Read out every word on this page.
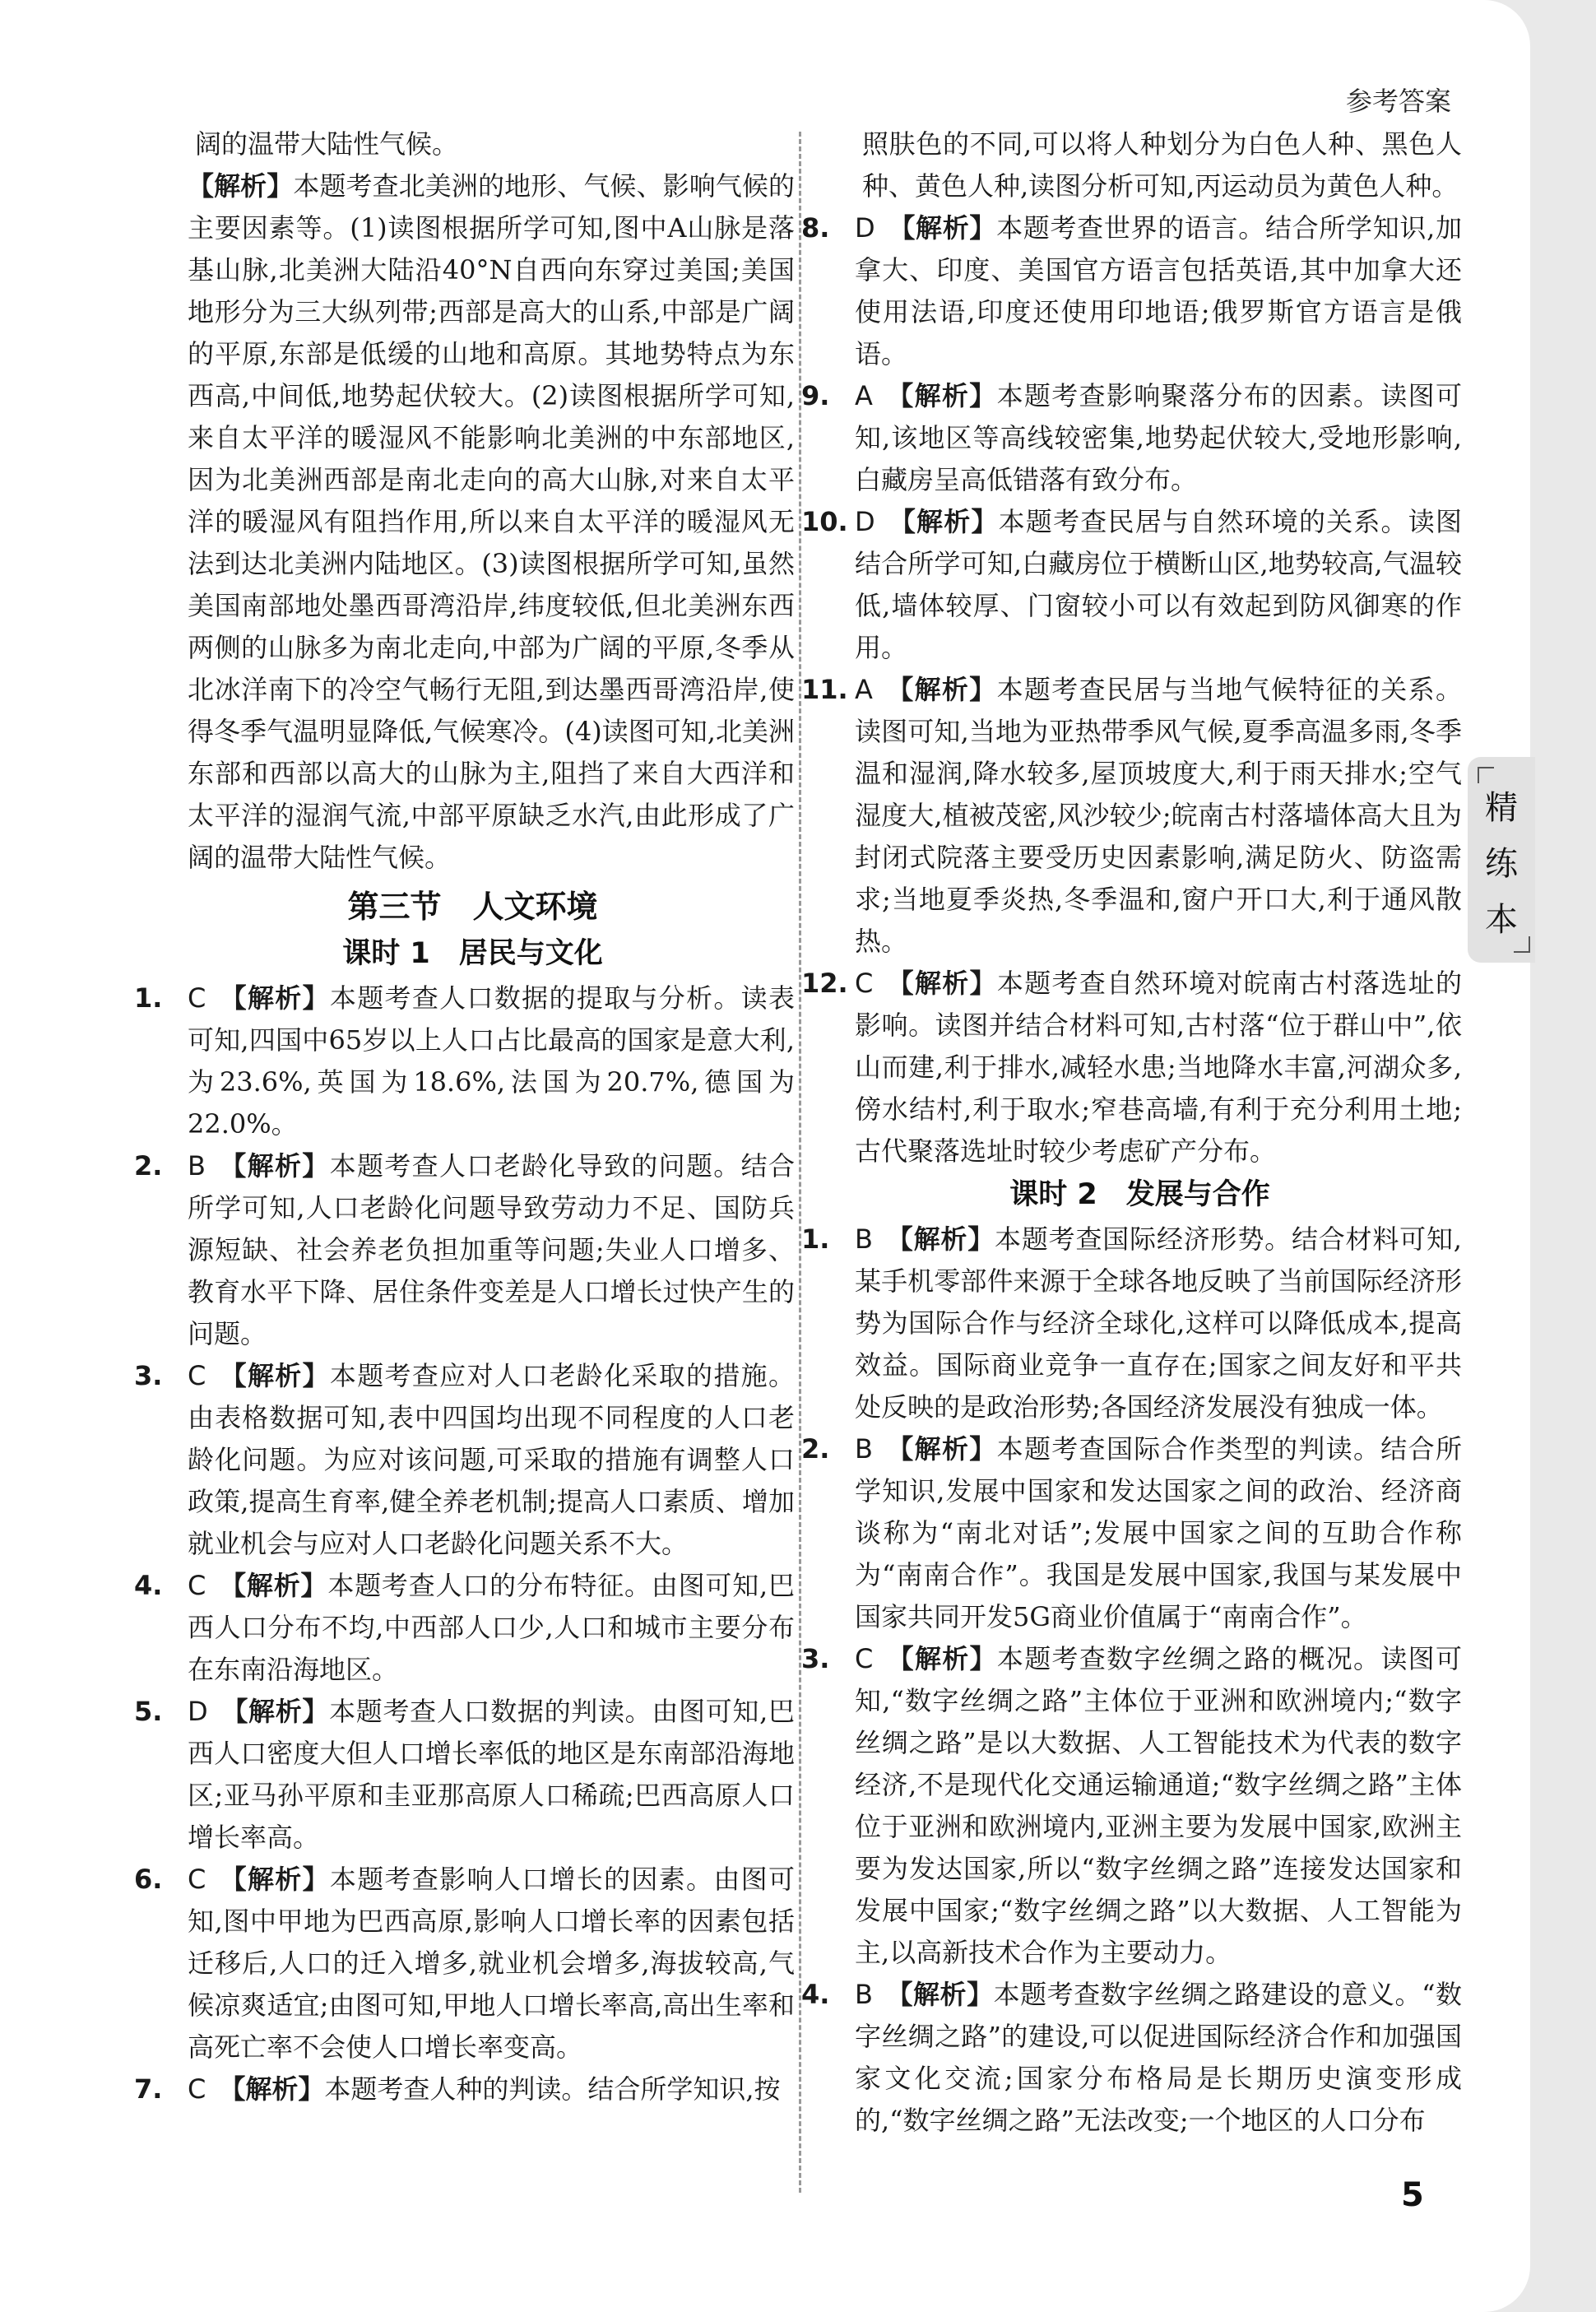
参考答案
阔的温带大陆性气候。
【解析】本题考查北美洲的地形、气候、影响气候的主要因素等。(1)读图根据所学可知,图中A山脉是落基山脉,北美洲大陆沿40°N自西向东穿过美国;美国地形分为三大纵列带;西部是高大的山系,中部是广阔的平原,东部是低缓的山地和高原。其地势特点为东西高,中间低,地势起伏较大。(2)读图根据所学可知,来自太平洋的暖湿风不能影响北美洲的中东部地区,因为北美洲西部是南北走向的高大山脉,对来自太平洋的暖湿风有阻挡作用,所以来自太平洋的暖湿风无法到达北美洲内陆地区。(3)读图根据所学可知,虽然美国南部地处墨西哥湾沿岸,纬度较低,但北美洲东西两侧的山脉多为南北走向,中部为广阔的平原,冬季从北冰洋南下的冷空气畅行无阻,到达墨西哥湾沿岸,使得冬季气温明显降低,气候寒冷。(4)读图可知,北美洲东部和西部以高大的山脉为主,阻挡了来自大西洋和太平洋的湿润气流,中部平原缺乏水汽,由此形成了广阔的温带大陆性气候。
第三节　人文环境
课时 1　居民与文化
1. C 【解析】本题考查人口数据的提取与分析。读表可知,四国中65岁以上人口占比最高的国家是意大利,为23.6%,英国为18.6%,法国为20.7%,德国为22.0%。
2. B 【解析】本题考查人口老龄化导致的问题。结合所学可知,人口老龄化问题导致劳动力不足、国防兵源短缺、社会养老负担加重等问题;失业人口增多、教育水平下降、居住条件变差是人口增长过快产生的问题。
3. C 【解析】本题考查应对人口老龄化采取的措施。由表格数据可知,表中四国均出现不同程度的人口老龄化问题。为应对该问题,可采取的措施有调整人口政策,提高生育率,健全养老机制;提高人口素质、增加就业机会与应对人口老龄化问题关系不大。
4. C 【解析】本题考查人口的分布特征。由图可知,巴西人口分布不均,中西部人口少,人口和城市主要分布在东南沿海地区。
5. D 【解析】本题考查人口数据的判读。由图可知,巴西人口密度大但人口增长率低的地区是东南部沿海地区;亚马孙平原和圭亚那高原人口稀疏;巴西高原人口增长率高。
6. C 【解析】本题考查影响人口增长的因素。由图可知,图中甲地为巴西高原,影响人口增长率的因素包括迁移后,人口的迁入增多,就业机会增多,海拔较高,气候凉爽适宜;由图可知,甲地人口增长率高,高出生率和高死亡率不会使人口增长率变高。
7. C 【解析】本题考查人种的判读。结合所学知识,按
照肤色的不同,可以将人种划分为白色人种、黑色人种、黄色人种,读图分析可知,丙运动员为黄色人种。
8. D 【解析】本题考查世界的语言。结合所学知识,加拿大、印度、美国官方语言包括英语,其中加拿大还使用法语,印度还使用印地语;俄罗斯官方语言是俄语。
9. A 【解析】本题考查影响聚落分布的因素。读图可知,该地区等高线较密集,地势起伏较大,受地形影响,白藏房呈高低错落有致分布。
10. D 【解析】本题考查民居与自然环境的关系。读图结合所学可知,白藏房位于横断山区,地势较高,气温较低,墙体较厚、门窗较小可以有效起到防风御寒的作用。
11. A 【解析】本题考查民居与当地气候特征的关系。读图可知,当地为亚热带季风气候,夏季高温多雨,冬季温和湿润,降水较多,屋顶坡度大,利于雨天排水;空气湿度大,植被茂密,风沙较少;皖南古村落墙体高大且为封闭式院落主要受历史因素影响,满足防火、防盗需求;当地夏季炎热,冬季温和,窗户开口大,利于通风散热。
12. C 【解析】本题考查自然环境对皖南古村落选址的影响。读图并结合材料可知,古村落“位于群山中”,依山而建,利于排水,减轻水患;当地降水丰富,河湖众多,傍水结村,利于取水;窄巷高墙,有利于充分利用土地;古代聚落选址时较少考虑矿产分布。
课时 2　发展与合作
1. B 【解析】本题考查国际经济形势。结合材料可知,某手机零部件来源于全球各地反映了当前国际经济形势为国际合作与经济全球化,这样可以降低成本,提高效益。国际商业竞争一直存在;国家之间友好和平共处反映的是政治形势;各国经济发展没有独成一体。
2. B 【解析】本题考查国际合作类型的判读。结合所学知识,发展中国家和发达国家之间的政治、经济商谈称为“南北对话”;发展中国家之间的互助合作称为“南南合作”。我国是发展中国家,我国与某发展中国家共同开发5G商业价值属于“南南合作”。
3. C 【解析】本题考查数字丝绸之路的概况。读图可知,“数字丝绸之路”主体位于亚洲和欧洲境内;“数字丝绸之路”是以大数据、人工智能技术为代表的数字经济,不是现代化交通运输通道;“数字丝绸之路”主体位于亚洲和欧洲境内,亚洲主要为发展中国家,欧洲主要为发达国家,所以“数字丝绸之路”连接发达国家和发展中国家;“数字丝绸之路”以大数据、人工智能为主,以高新技术合作为主要动力。
4. B 【解析】本题考查数字丝绸之路建设的意义。“数字丝绸之路”的建设,可以促进国际经济合作和加强国家文化交流;国家分布格局是长期历史演变形成的,“数字丝绸之路”无法改变;一个地区的人口分布
精
练
本
5
